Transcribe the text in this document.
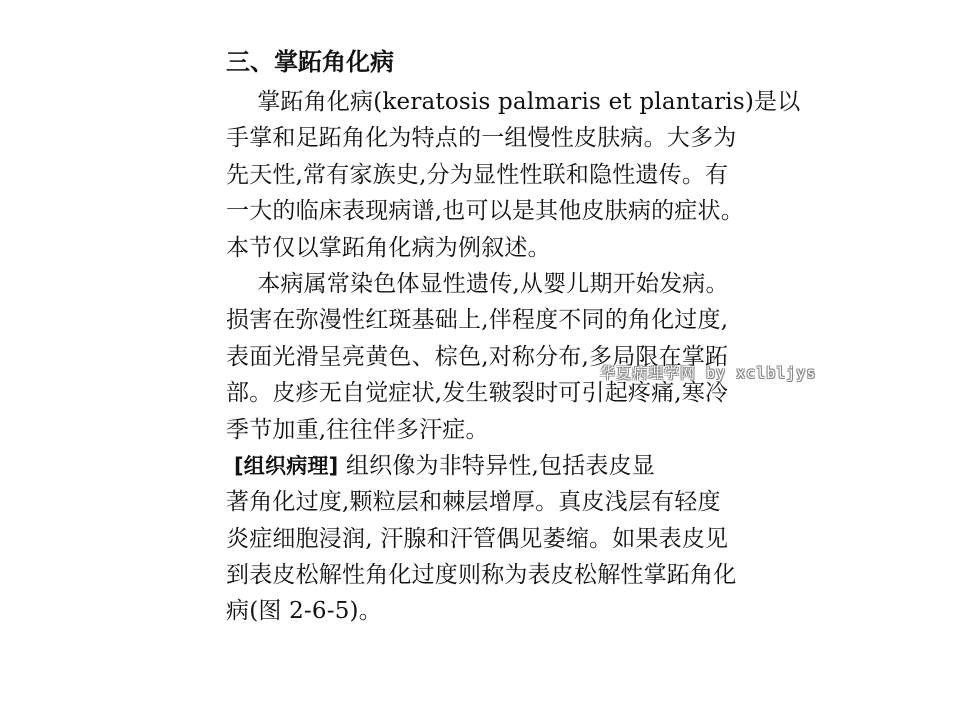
三、掌跖角化病
　掌跖角化病(keratosis palmaris et plantaris)是以
手掌和足跖角化为特点的一组慢性皮肤病。大多为
先天性,常有家族史,分为显性性联和隐性遗传。有
一大的临床表现病谱,也可以是其他皮肤病的症状。
本节仅以掌跖角化病为例叙述。
　本病属常染色体显性遗传,从婴儿期开始发病。
损害在弥漫性红斑基础上,伴程度不同的角化过度,
表面光滑呈亮黄色、棕色,对称分布,多局限在掌跖
部。皮疹无自觉症状,发生皲裂时可引起疼痛,寒冷
季节加重,往往伴多汗症。
[组织病理] 组织像为非特异性,包括表皮显
著角化过度,颗粒层和棘层增厚。真皮浅层有轻度
炎症细胞浸润, 汗腺和汗管偶见萎缩。如果表皮见
到表皮松解性角化过度则称为表皮松解性掌跖角化
病(图 2-6-5)。
华夏病理学网 by xclbljys
